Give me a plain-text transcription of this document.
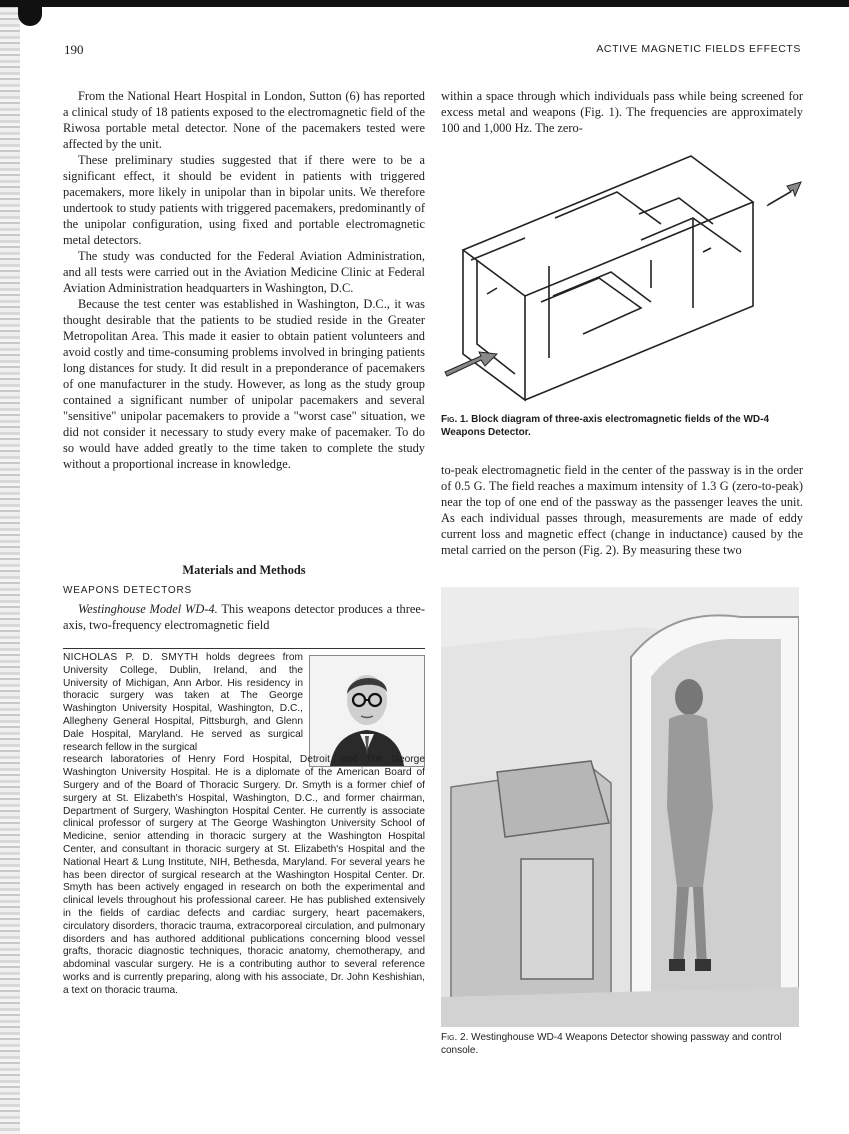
190	ACTIVE MAGNETIC FIELDS EFFECTS

From the National Heart Hospital in London, Sutton (6) has reported a clinical study of 18 patients exposed to the electromagnetic field of the Riwosa portable metal detector. None of the pacemakers tested were affected by the unit.

These preliminary studies suggested that if there were to be a significant effect, it should be evident in patients with triggered pacemakers, more likely in unipolar than in bipolar units. We therefore undertook to study patients with triggered pacemakers, predominantly of the unipolar configuration, using fixed and portable electromagnetic metal detectors.

The study was conducted for the Federal Aviation Administration, and all tests were carried out in the Aviation Medicine Clinic at Federal Aviation Administration headquarters in Washington, D.C.

Because the test center was established in Washington, D.C., it was thought desirable that the patients to be studied reside in the Greater Metropolitan Area. This made it easier to obtain patient volunteers and avoid costly and time-consuming problems involved in bringing patients long distances for study. It did result in a preponderance of pacemakers of one manufacturer in the study. However, as long as the study group contained a significant number of unipolar pacemakers and several "sensitive" unipolar pacemakers to provide a "worst case" situation, we did not consider it necessary to study every make of pacemaker. To do so would have added greatly to the time taken to complete the study without a proportional increase in knowledge.

Materials and Methods
WEAPONS DETECTORS

Westinghouse Model WD-4. This weapons detector produces a three-axis, two-frequency electromagnetic field

NICHOLAS P. D. SMYTH holds degrees from University College, Dublin, Ireland, and the University of Michigan, Ann Arbor. His residency in thoracic surgery was taken at The George Washington University Hospital, Washington, D.C., Allegheny General Hospital, Pittsburgh, and Glenn Dale Hospital, Maryland. He served as surgical research fellow in the surgical
research laboratories of Henry Ford Hospital, Detroit, and The George Washington University Hospital. He is a diplomate of the American Board of Surgery and of the Board of Thoracic Surgery. Dr. Smyth is a former chief of surgery at St. Elizabeth's Hospital, Washington, D.C., and former chairman, Department of Surgery, Washington Hospital Center. He currently is associate clinical professor of surgery at The George Washington University School of Medicine, senior attending in thoracic surgery at the Washington Hospital Center, and consultant in thoracic surgery at St. Elizabeth's Hospital and the National Heart & Lung Institute, NIH, Bethesda, Maryland. For several years he has been director of surgical research at the Washington Hospital Center. Dr. Smyth has been actively engaged in research on both the experimental and clinical levels throughout his professional career. He has published extensively in the fields of cardiac defects and cardiac surgery, heart pacemakers, circulatory disorders, thoracic trauma, extracorporeal circulation, and pulmonary disorders and has authored additional publications concerning blood vessel grafts, thoracic diagnostic techniques, thoracic anatomy, chemotherapy, and abdominal vascular surgery. He is a contributing author to several reference works and is currently preparing, along with his associate, Dr. John Keshishian, a text on thoracic trauma.

within a space through which individuals pass while being screened for excess metal and weapons (Fig. 1). The frequencies are approximately 100 and 1,000 Hz. The zero-

Fig. 1. Block diagram of three-axis electromagnetic fields of the WD-4 Weapons Detector.

to-peak electromagnetic field in the center of the passway is in the order of 0.5 G. The field reaches a maximum intensity of 1.3 G (zero-to-peak) near the top of one end of the passway as the passenger leaves the unit. As each individual passes through, measurements are made of eddy current loss and magnetic effect (change in inductance) caused by the metal carried on the person (Fig. 2). By measuring these two

Fig. 2. Westinghouse WD-4 Weapons Detector showing passway and control console.
